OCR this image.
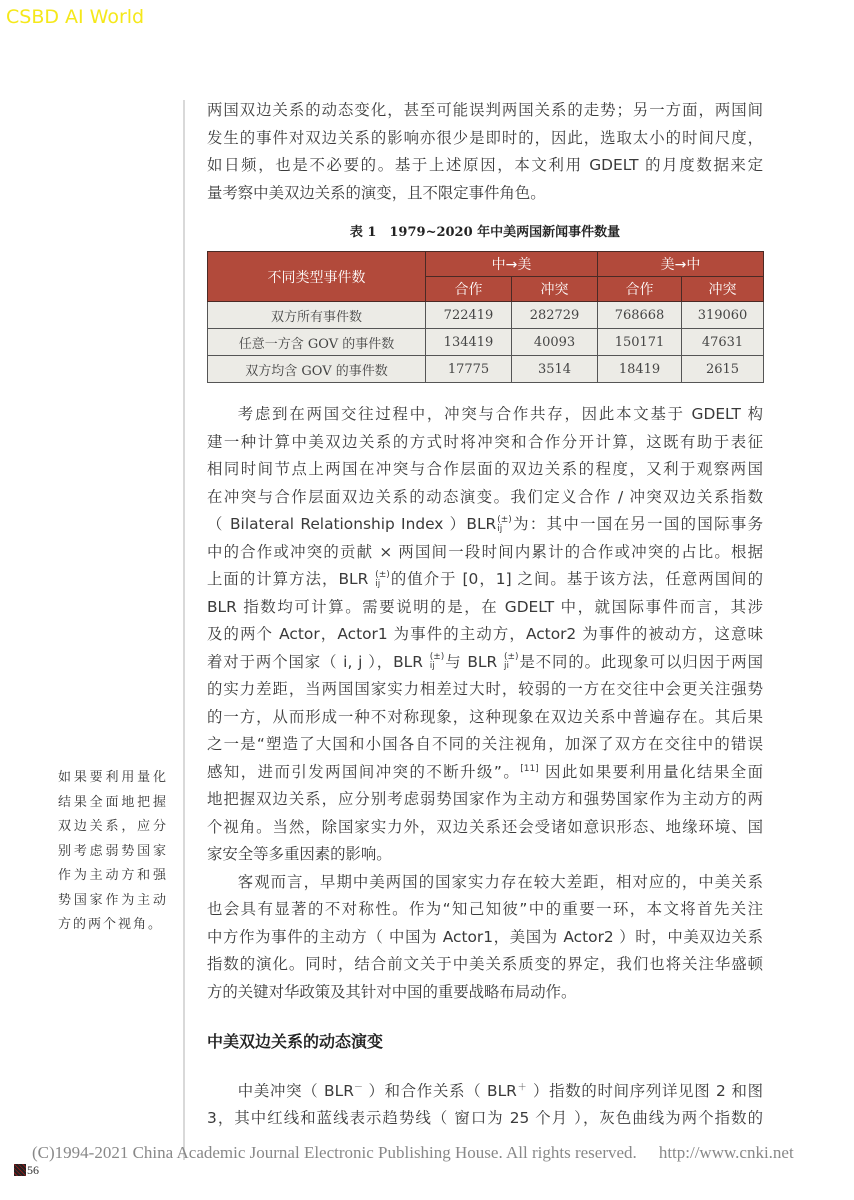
CSBD AI World
如果要利用量化结果全面地把握双边关系，应分别考虑弱势国家作为主动方和强势国家作为主动方的两个视角。

两国双边关系的动态变化，甚至可能误判两国关系的走势；另一方面，两国间

发生的事件对双边关系的影响亦很少是即时的，因此，选取太小的时间尺度，

如日频，也是不必要的。基于上述原因，本文利用 GDELT 的月度数据来定

量考察中美双边关系的演变，且不限定事件角色。

表 1　1979~2020 年中美两国新闻事件数量
不同类型事件数	中→美		美→中	
	合作	冲突	合作	冲突
双方所有事件数	722419	282729	768668	319060
任意一方含 GOV 的事件数	134419	40093	150171	47631
双方均含 GOV 的事件数	17775	3514	18419	2615

考虑到在两国交往过程中，冲突与合作共存，因此本文基于 GDELT 构

建一种计算中美双边关系的方式时将冲突和合作分开计算，这既有助于表征

相同时间节点上两国在冲突与合作层面的双边关系的程度，又利于观察两国

在冲突与合作层面双边关系的动态演变。我们定义合作 / 冲突双边关系指数

（ Bilateral Relationship Index ）BLR (±)
ij 为：其中一国在另一国的国际事务

中的合作或冲突的贡献 × 两国间一段时间内累计的合作或冲突的占比。根据

上面的计算方法，BLR (±)
ij 的值介于 [0，1] 之间。基于该方法，任意两国间的

BLR 指数均可计算。需要说明的是，在 GDELT 中，就国际事件而言，其涉

及的两个 Actor，Actor1 为事件的主动方，Actor2 为事件的被动方，这意味

着对于两个国家（ i, j ），BLR (±)
ij 与 BLR (±)
ji 是不同的。此现象可以归因于两国

的实力差距，当两国国家实力相差过大时，较弱的一方在交往中会更关注强势

的一方，从而形成一种不对称现象，这种现象在双边关系中普遍存在。其后果

之一是“塑造了大国和小国各自不同的关注视角，加深了双方在交往中的错误

感知，进而引发两国间冲突的不断升级”。[11] 因此如果要利用量化结果全面

地把握双边关系，应分别考虑弱势国家作为主动方和强势国家作为主动方的两

个视角。当然，除国家实力外，双边关系还会受诸如意识形态、地缘环境、国

家安全等多重因素的影响。

客观而言，早期中美两国的国家实力存在较大差距，相对应的，中美关系

也会具有显著的不对称性。作为“知己知彼”中的重要一环，本文将首先关注

中方作为事件的主动方（ 中国为 Actor1，美国为 Actor2 ）时，中美双边关系

指数的演化。同时，结合前文关于中美关系质变的界定，我们也将关注华盛顿

方的关键对华政策及其针对中国的重要战略布局动作。

中美双边关系的动态演变

中美冲突（ BLR－ ）和合作关系（ BLR＋ ）指数的时间序列详见图 2 和图

3，其中红线和蓝线表示趋势线（ 窗口为 25 个月 ），灰色曲线为两个指数的

(C)1994-2021 China Academic Journal Electronic Publishing House. All rights reserved. http://www.cnki.net
56
